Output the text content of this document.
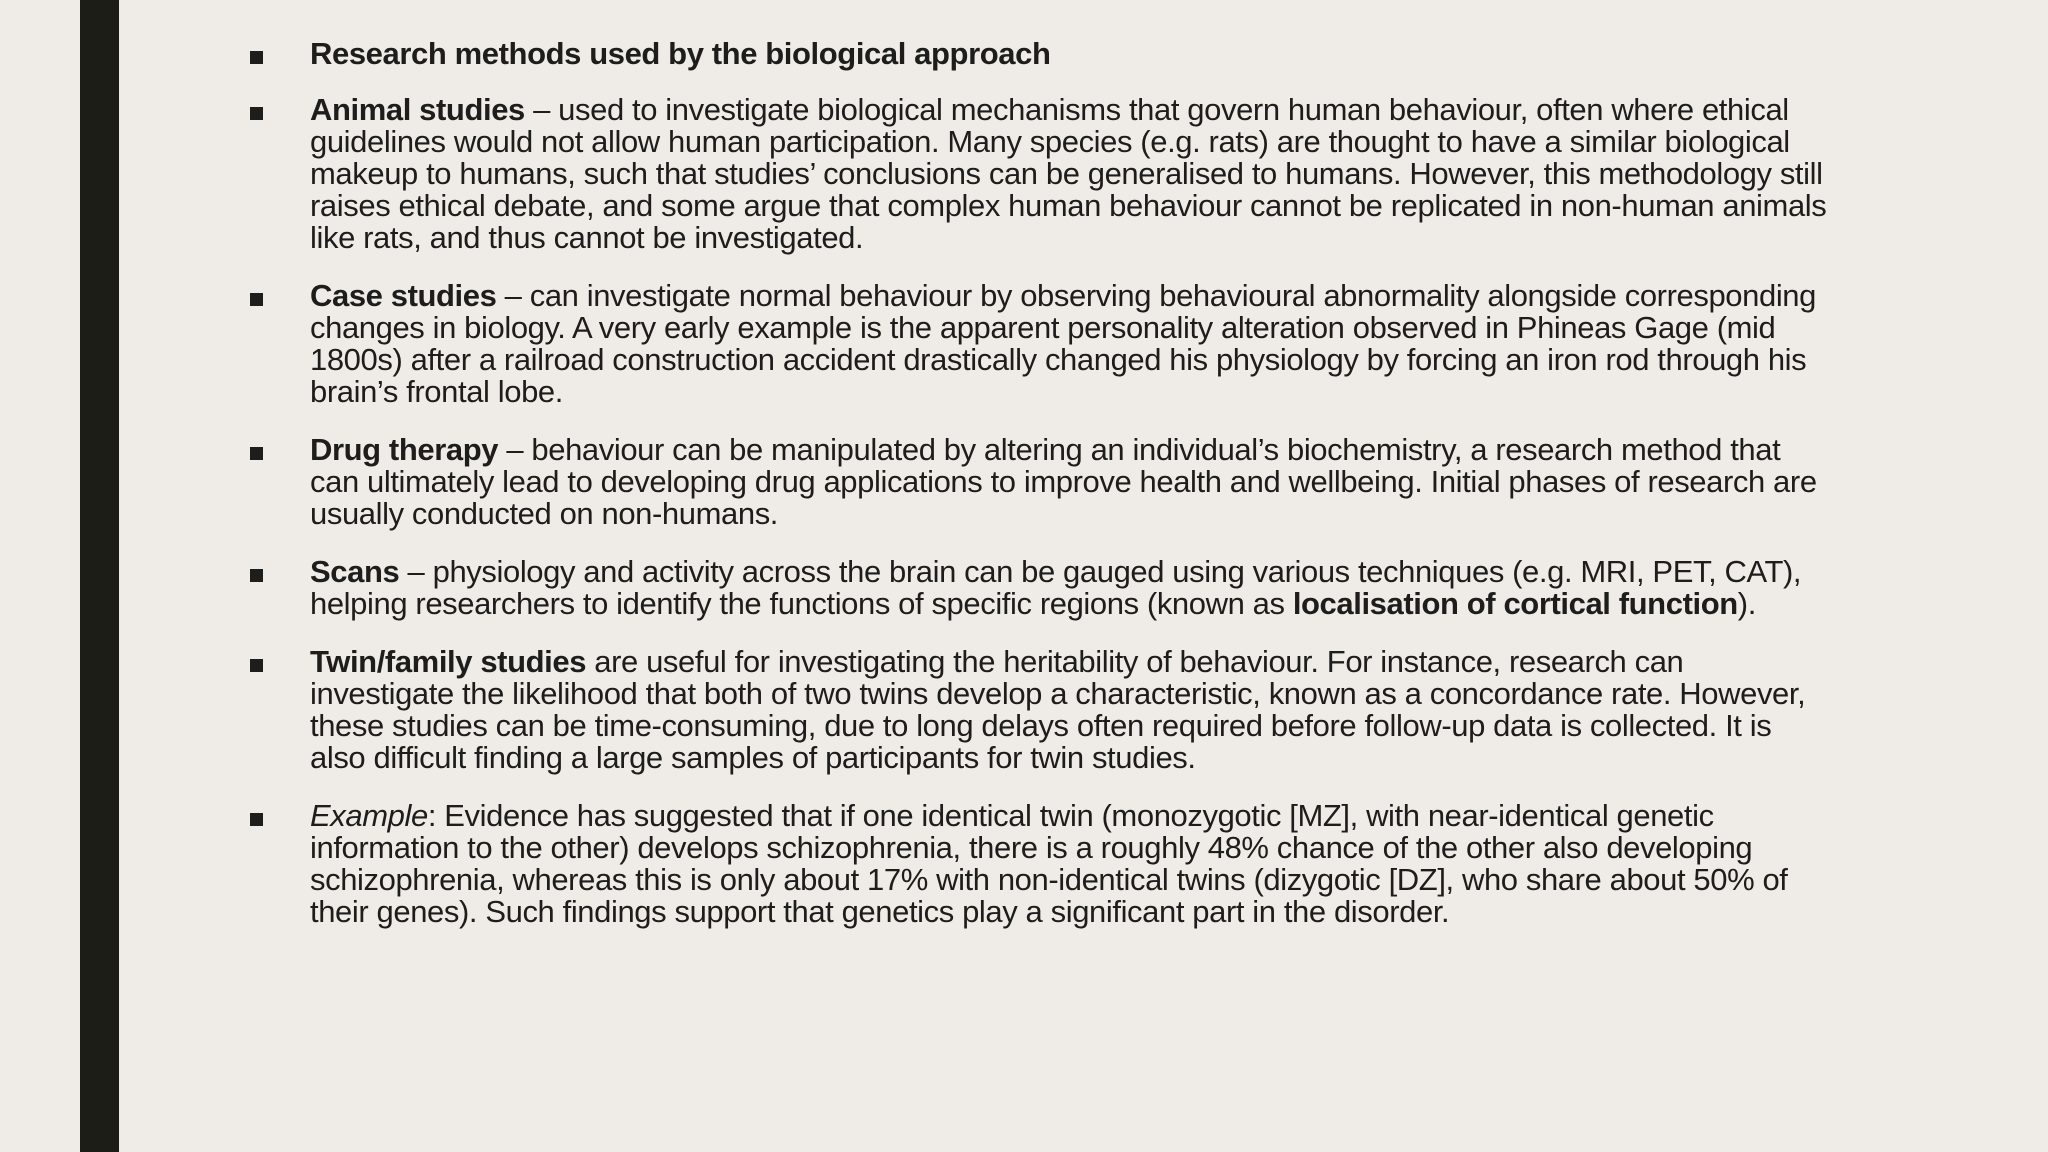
Research methods used by the biological approach
Animal studies – used to investigate biological mechanisms that govern human behaviour, often where ethical guidelines would not allow human participation. Many species (e.g. rats) are thought to have a similar biological makeup to humans, such that studies’ conclusions can be generalised to humans. However, this methodology still raises ethical debate, and some argue that complex human behaviour cannot be replicated in non-human animals like rats, and thus cannot be investigated.
Case studies – can investigate normal behaviour by observing behavioural abnormality alongside corresponding changes in biology. A very early example is the apparent personality alteration observed in Phineas Gage (mid 1800s) after a railroad construction accident drastically changed his physiology by forcing an iron rod through his brain’s frontal lobe.
Drug therapy – behaviour can be manipulated by altering an individual’s biochemistry, a research method that can ultimately lead to developing drug applications to improve health and wellbeing. Initial phases of research are usually conducted on non-humans.
Scans – physiology and activity across the brain can be gauged using various techniques (e.g. MRI, PET, CAT), helping researchers to identify the functions of specific regions (known as localisation of cortical function).
Twin/family studies are useful for investigating the heritability of behaviour. For instance, research can investigate the likelihood that both of two twins develop a characteristic, known as a concordance rate. However, these studies can be time-consuming, due to long delays often required before follow-up data is collected. It is also difficult finding a large samples of participants for twin studies.
Example: Evidence has suggested that if one identical twin (monozygotic [MZ], with near-identical genetic information to the other) develops schizophrenia, there is a roughly 48% chance of the other also developing schizophrenia, whereas this is only about 17% with non-identical twins (dizygotic [DZ], who share about 50% of their genes). Such findings support that genetics play a significant part in the disorder.
